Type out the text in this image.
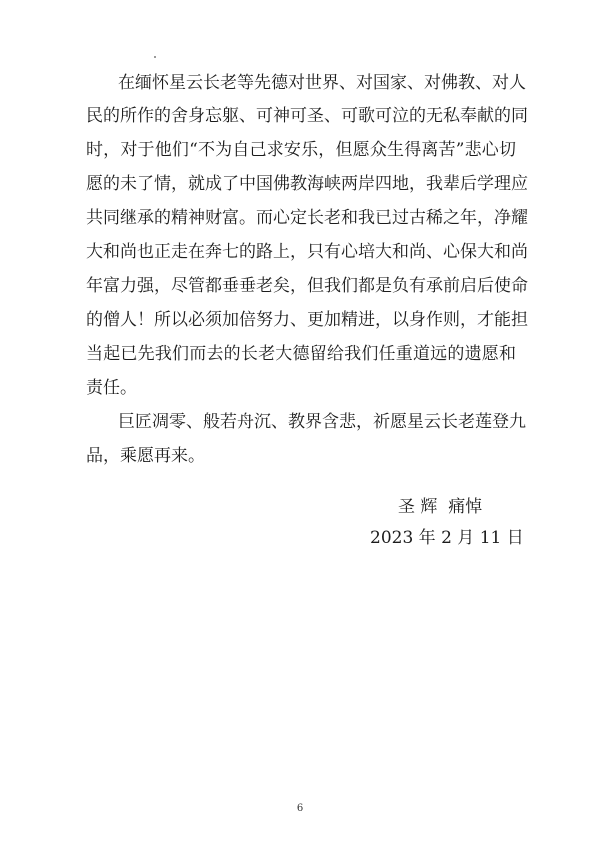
在缅怀星云长老等先德对世界、对国家、对佛教、对人
民的所作的舍身忘躯、可神可圣、可歌可泣的无私奉献的同
时，对于他们“不为自己求安乐，但愿众生得离苦”悲心切
愿的未了情，就成了中国佛教海峡两岸四地，我辈后学理应
共同继承的精神财富。而心定长老和我已过古稀之年，净耀
大和尚也正走在奔七的路上，只有心培大和尚、心保大和尚
年富力强，尽管都垂垂老矣，但我们都是负有承前启后使命
的僧人！所以必须加倍努力、更加精进，以身作则，才能担
当起已先我们而去的长老大德留给我们任重道远的遗愿和
责任。
巨匠凋零、般若舟沉、教界含悲，祈愿星云长老莲登九
品，乘愿再来。
圣 辉  痛悼
2023 年 2 月 11 日
6
